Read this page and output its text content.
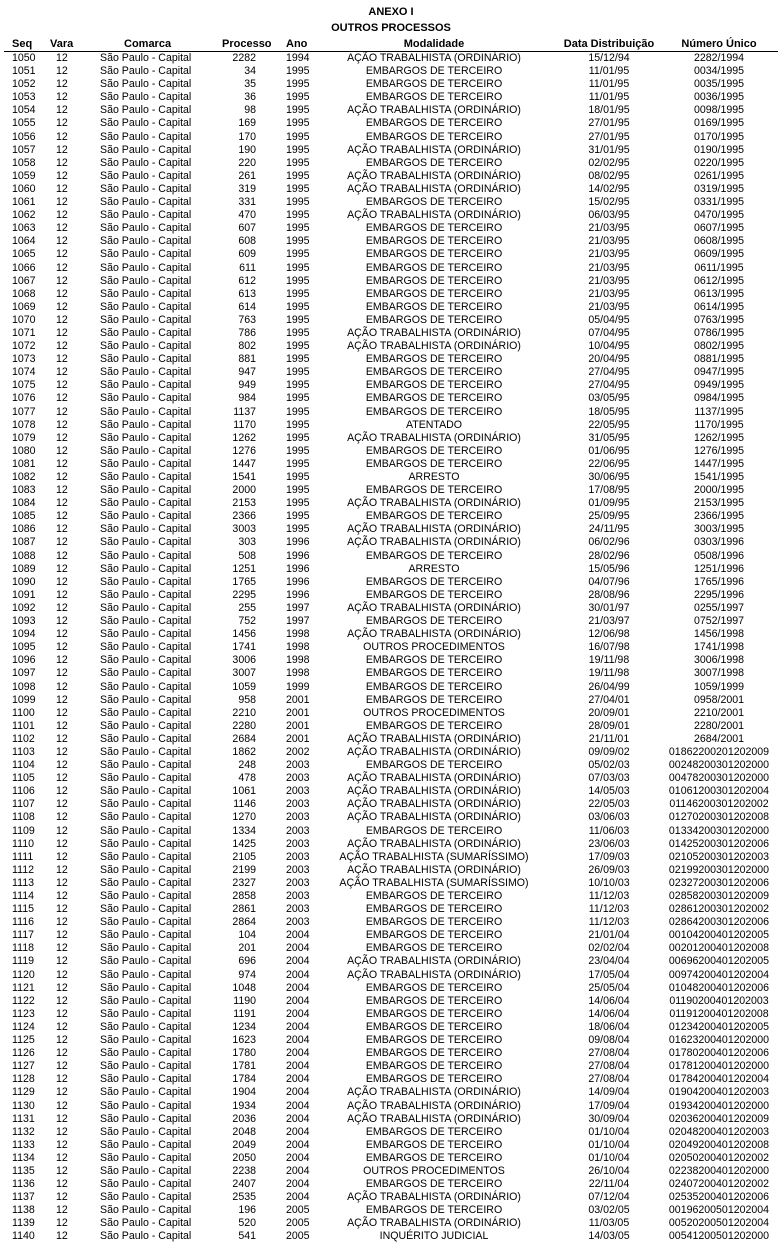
ANEXO I
OUTROS PROCESSOS
Seq Vara	Comarca	Processo Ano	Modalidade	Data Distribuição	Número Único
1050 12	São Paulo - Capital	2282	1994	AÇÃO TRABALHISTA (ORDINÁRIO)	15/12/94	2282/1994
1051 12	São Paulo - Capital	34	1995	EMBARGOS DE TERCEIRO	11/01/95	0034/1995
1052 12	São Paulo - Capital	35	1995	EMBARGOS DE TERCEIRO	11/01/95	0035/1995
1053 12	São Paulo - Capital	36	1995	EMBARGOS DE TERCEIRO	11/01/95	0036/1995
1054 12	São Paulo - Capital	98	1995	AÇÃO TRABALHISTA (ORDINÁRIO)	18/01/95	0098/1995
1055 12	São Paulo - Capital	169	1995	EMBARGOS DE TERCEIRO	27/01/95	0169/1995
1056 12	São Paulo - Capital	170	1995	EMBARGOS DE TERCEIRO	27/01/95	0170/1995
1057 12	São Paulo - Capital	190	1995	AÇÃO TRABALHISTA (ORDINÁRIO)	31/01/95	0190/1995
1058 12	São Paulo - Capital	220	1995	EMBARGOS DE TERCEIRO	02/02/95	0220/1995
1059 12	São Paulo - Capital	261	1995	AÇÃO TRABALHISTA (ORDINÁRIO)	08/02/95	0261/1995
1060 12	São Paulo - Capital	319	1995	AÇÃO TRABALHISTA (ORDINÁRIO)	14/02/95	0319/1995
1061 12	São Paulo - Capital	331	1995	EMBARGOS DE TERCEIRO	15/02/95	0331/1995
1062 12	São Paulo - Capital	470	1995	AÇÃO TRABALHISTA (ORDINÁRIO)	06/03/95	0470/1995
1063 12	São Paulo - Capital	607	1995	EMBARGOS DE TERCEIRO	21/03/95	0607/1995
1064 12	São Paulo - Capital	608	1995	EMBARGOS DE TERCEIRO	21/03/95	0608/1995
1065 12	São Paulo - Capital	609	1995	EMBARGOS DE TERCEIRO	21/03/95	0609/1995
1066 12	São Paulo - Capital	611	1995	EMBARGOS DE TERCEIRO	21/03/95	0611/1995
1067 12	São Paulo - Capital	612	1995	EMBARGOS DE TERCEIRO	21/03/95	0612/1995
1068 12	São Paulo - Capital	613	1995	EMBARGOS DE TERCEIRO	21/03/95	0613/1995
1069 12	São Paulo - Capital	614	1995	EMBARGOS DE TERCEIRO	21/03/95	0614/1995
1070 12	São Paulo - Capital	763	1995	EMBARGOS DE TERCEIRO	05/04/95	0763/1995
1071 12	São Paulo - Capital	786	1995	AÇÃO TRABALHISTA (ORDINÁRIO)	07/04/95	0786/1995
1072 12	São Paulo - Capital	802	1995	AÇÃO TRABALHISTA (ORDINÁRIO)	10/04/95	0802/1995
1073 12	São Paulo - Capital	881	1995	EMBARGOS DE TERCEIRO	20/04/95	0881/1995
1074 12	São Paulo - Capital	947	1995	EMBARGOS DE TERCEIRO	27/04/95	0947/1995
1075 12	São Paulo - Capital	949	1995	EMBARGOS DE TERCEIRO	27/04/95	0949/1995
1076 12	São Paulo - Capital	984	1995	EMBARGOS DE TERCEIRO	03/05/95	0984/1995
1077 12	São Paulo - Capital	1137	1995	EMBARGOS DE TERCEIRO	18/05/95	1137/1995
1078 12	São Paulo - Capital	1170	1995	ATENTADO	22/05/95	1170/1995
1079 12	São Paulo - Capital	1262	1995	AÇÃO TRABALHISTA (ORDINÁRIO)	31/05/95	1262/1995
1080 12	São Paulo - Capital	1276	1995	EMBARGOS DE TERCEIRO	01/06/95	1276/1995
1081 12	São Paulo - Capital	1447	1995	EMBARGOS DE TERCEIRO	22/06/95	1447/1995
1082 12	São Paulo - Capital	1541	1995	ARRESTO	30/06/95	1541/1995
1083 12	São Paulo - Capital	2000	1995	EMBARGOS DE TERCEIRO	17/08/95	2000/1995
1084 12	São Paulo - Capital	2153	1995	AÇÃO TRABALHISTA (ORDINÁRIO)	01/09/95	2153/1995
1085 12	São Paulo - Capital	2366	1995	EMBARGOS DE TERCEIRO	25/09/95	2366/1995
1086 12	São Paulo - Capital	3003	1995	AÇÃO TRABALHISTA (ORDINÁRIO)	24/11/95	3003/1995
1087 12	São Paulo - Capital	303	1996	AÇÃO TRABALHISTA (ORDINÁRIO)	06/02/96	0303/1996
1088 12	São Paulo - Capital	508	1996	EMBARGOS DE TERCEIRO	28/02/96	0508/1996
1089 12	São Paulo - Capital	1251	1996	ARRESTO	15/05/96	1251/1996
1090 12	São Paulo - Capital	1765	1996	EMBARGOS DE TERCEIRO	04/07/96	1765/1996
1091 12	São Paulo - Capital	2295	1996	EMBARGOS DE TERCEIRO	28/08/96	2295/1996
1092 12	São Paulo - Capital	255	1997	AÇÃO TRABALHISTA (ORDINÁRIO)	30/01/97	0255/1997
1093 12	São Paulo - Capital	752	1997	EMBARGOS DE TERCEIRO	21/03/97	0752/1997
1094 12	São Paulo - Capital	1456	1998	AÇÃO TRABALHISTA (ORDINÁRIO)	12/06/98	1456/1998
1095 12	São Paulo - Capital	1741	1998	OUTROS PROCEDIMENTOS	16/07/98	1741/1998
1096 12	São Paulo - Capital	3006	1998	EMBARGOS DE TERCEIRO	19/11/98	3006/1998
1097 12	São Paulo - Capital	3007	1998	EMBARGOS DE TERCEIRO	19/11/98	3007/1998
1098 12	São Paulo - Capital	1059	1999	EMBARGOS DE TERCEIRO	26/04/99	1059/1999
1099 12	São Paulo - Capital	958	2001	EMBARGOS DE TERCEIRO	27/04/01	0958/2001
1100 12	São Paulo - Capital	2210	2001	OUTROS PROCEDIMENTOS	20/09/01	2210/2001
1101 12	São Paulo - Capital	2280	2001	EMBARGOS DE TERCEIRO	28/09/01	2280/2001
1102 12	São Paulo - Capital	2684	2001	AÇÃO TRABALHISTA (ORDINÁRIO)	21/11/01	2684/2001
1103 12	São Paulo - Capital	1862	2002	AÇÃO TRABALHISTA (ORDINÁRIO)	09/09/02	01862200201202009
1104 12	São Paulo - Capital	248	2003	EMBARGOS DE TERCEIRO	05/02/03	00248200301202000
1105 12	São Paulo - Capital	478	2003	AÇÃO TRABALHISTA (ORDINÁRIO)	07/03/03	00478200301202000
1106 12	São Paulo - Capital	1061	2003	AÇÃO TRABALHISTA (ORDINÁRIO)	14/05/03	01061200301202004
1107 12	São Paulo - Capital	1146	2003	AÇÃO TRABALHISTA (ORDINÁRIO)	22/05/03	01146200301202002
1108 12	São Paulo - Capital	1270	2003	AÇÃO TRABALHISTA (ORDINÁRIO)	03/06/03	01270200301202008
1109 12	São Paulo - Capital	1334	2003	EMBARGOS DE TERCEIRO	11/06/03	01334200301202000
1110 12	São Paulo - Capital	1425	2003	AÇÃO TRABALHISTA (ORDINÁRIO)	23/06/03	01425200301202006
1111 12	São Paulo - Capital	2105	2003	AÇÃO TRABALHISTA (SUMARÍSSIMO)	17/09/03	02105200301202003
1112 12	São Paulo - Capital	2199	2003	AÇÃO TRABALHISTA (ORDINÁRIO)	26/09/03	02199200301202000
1113 12	São Paulo - Capital	2327	2003	AÇÃO TRABALHISTA (SUMARÍSSIMO)	10/10/03	02327200301202006
1114 12	São Paulo - Capital	2858	2003	EMBARGOS DE TERCEIRO	11/12/03	02858200301202009
1115 12	São Paulo - Capital	2861	2003	EMBARGOS DE TERCEIRO	11/12/03	02861200301202002
1116 12	São Paulo - Capital	2864	2003	EMBARGOS DE TERCEIRO	11/12/03	02864200301202006
1117 12	São Paulo - Capital	104	2004	EMBARGOS DE TERCEIRO	21/01/04	00104200401202005
1118 12	São Paulo - Capital	201	2004	EMBARGOS DE TERCEIRO	02/02/04	00201200401202008
1119 12	São Paulo - Capital	696	2004	AÇÃO TRABALHISTA (ORDINÁRIO)	23/04/04	00696200401202005
1120 12	São Paulo - Capital	974	2004	AÇÃO TRABALHISTA (ORDINÁRIO)	17/05/04	00974200401202004
1121 12	São Paulo - Capital	1048	2004	EMBARGOS DE TERCEIRO	25/05/04	01048200401202006
1122 12	São Paulo - Capital	1190	2004	EMBARGOS DE TERCEIRO	14/06/04	01190200401202003
1123 12	São Paulo - Capital	1191	2004	EMBARGOS DE TERCEIRO	14/06/04	01191200401202008
1124 12	São Paulo - Capital	1234	2004	EMBARGOS DE TERCEIRO	18/06/04	01234200401202005
1125 12	São Paulo - Capital	1623	2004	EMBARGOS DE TERCEIRO	09/08/04	01623200401202000
1126 12	São Paulo - Capital	1780	2004	EMBARGOS DE TERCEIRO	27/08/04	01780200401202006
1127 12	São Paulo - Capital	1781	2004	EMBARGOS DE TERCEIRO	27/08/04	01781200401202000
1128 12	São Paulo - Capital	1784	2004	EMBARGOS DE TERCEIRO	27/08/04	01784200401202004
1129 12	São Paulo - Capital	1904	2004	AÇÃO TRABALHISTA (ORDINÁRIO)	14/09/04	01904200401202003
1130 12	São Paulo - Capital	1934	2004	AÇÃO TRABALHISTA (ORDINÁRIO)	17/09/04	01934200401202000
1131 12	São Paulo - Capital	2036	2004	AÇÃO TRABALHISTA (ORDINÁRIO)	30/09/04	02036200401202009
1132 12	São Paulo - Capital	2048	2004	EMBARGOS DE TERCEIRO	01/10/04	02048200401202003
1133 12	São Paulo - Capital	2049	2004	EMBARGOS DE TERCEIRO	01/10/04	02049200401202008
1134 12	São Paulo - Capital	2050	2004	EMBARGOS DE TERCEIRO	01/10/04	02050200401202002
1135 12	São Paulo - Capital	2238	2004	OUTROS PROCEDIMENTOS	26/10/04	02238200401202000
1136 12	São Paulo - Capital	2407	2004	EMBARGOS DE TERCEIRO	22/11/04	02407200401202002
1137 12	São Paulo - Capital	2535	2004	AÇÃO TRABALHISTA (ORDINÁRIO)	07/12/04	02535200401202006
1138 12	São Paulo - Capital	196	2005	EMBARGOS DE TERCEIRO	03/02/05	00196200501202004
1139 12	São Paulo - Capital	520	2005	AÇÃO TRABALHISTA (ORDINÁRIO)	11/03/05	00520200501202004
1140 12	São Paulo - Capital	541	2005	INQUÉRITO JUDICIAL	14/03/05	00541200501202000
